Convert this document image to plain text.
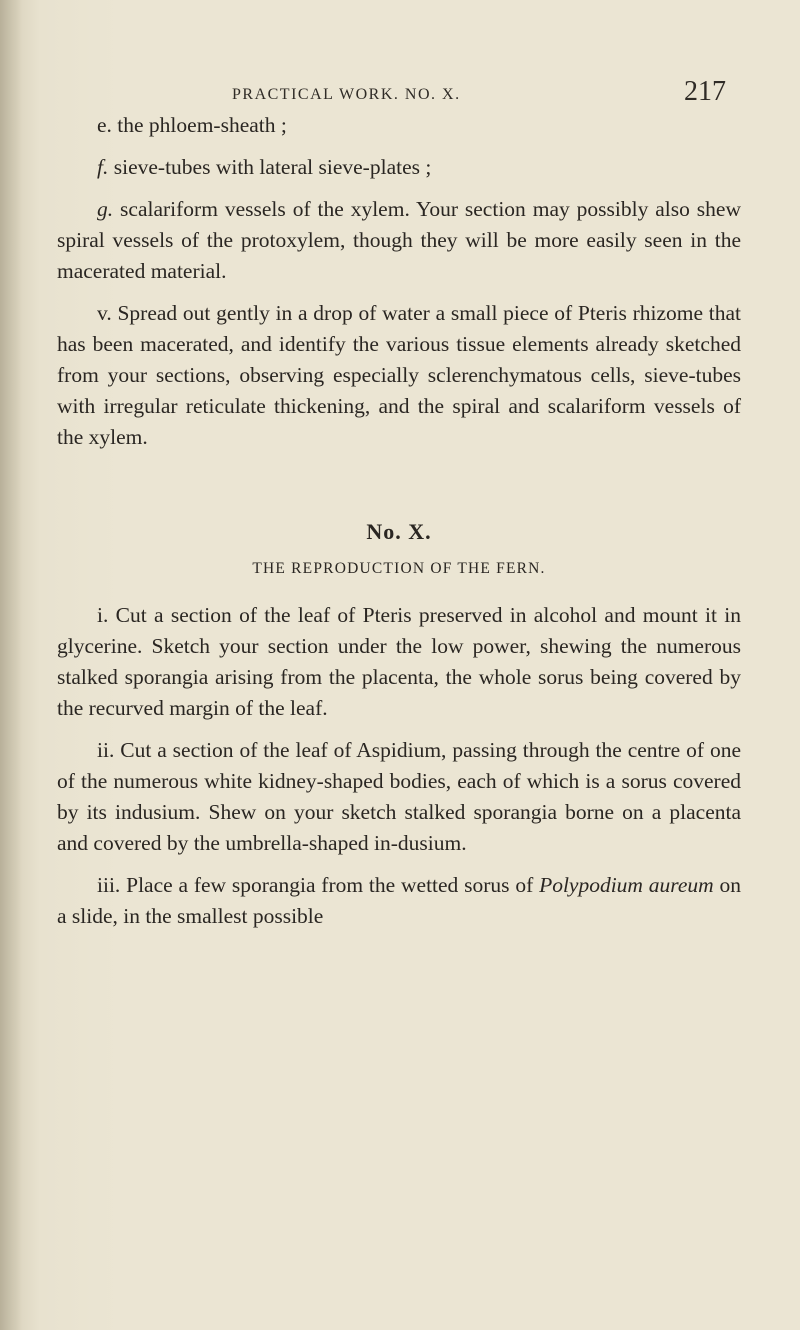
PRACTICAL WORK. NO. X.	217

e. the phloem-sheath ;

f. sieve-tubes with lateral sieve-plates ;

g. scalariform vessels of the xylem. Your section may possibly also shew spiral vessels of the protoxylem, though they will be more easily seen in the macerated material.

v. Spread out gently in a drop of water a small piece of Pteris rhizome that has been macerated, and identify the various tissue elements already sketched from your sections, observing especially sclerenchymatous cells, sieve-tubes with irregular reticulate thickening, and the spiral and scalariform vessels of the xylem.

No. X.
THE REPRODUCTION OF THE FERN.

i. Cut a section of the leaf of Pteris preserved in alcohol and mount it in glycerine. Sketch your section under the low power, shewing the numerous stalked sporangia arising from the placenta, the whole sorus being covered by the recurved margin of the leaf.

ii. Cut a section of the leaf of Aspidium, passing through the centre of one of the numerous white kidney-shaped bodies, each of which is a sorus covered by its indusium. Shew on your sketch stalked sporangia borne on a placenta and covered by the umbrella-shaped in-dusium.

iii. Place a few sporangia from the wetted sorus of Polypodium aureum on a slide, in the smallest possible
